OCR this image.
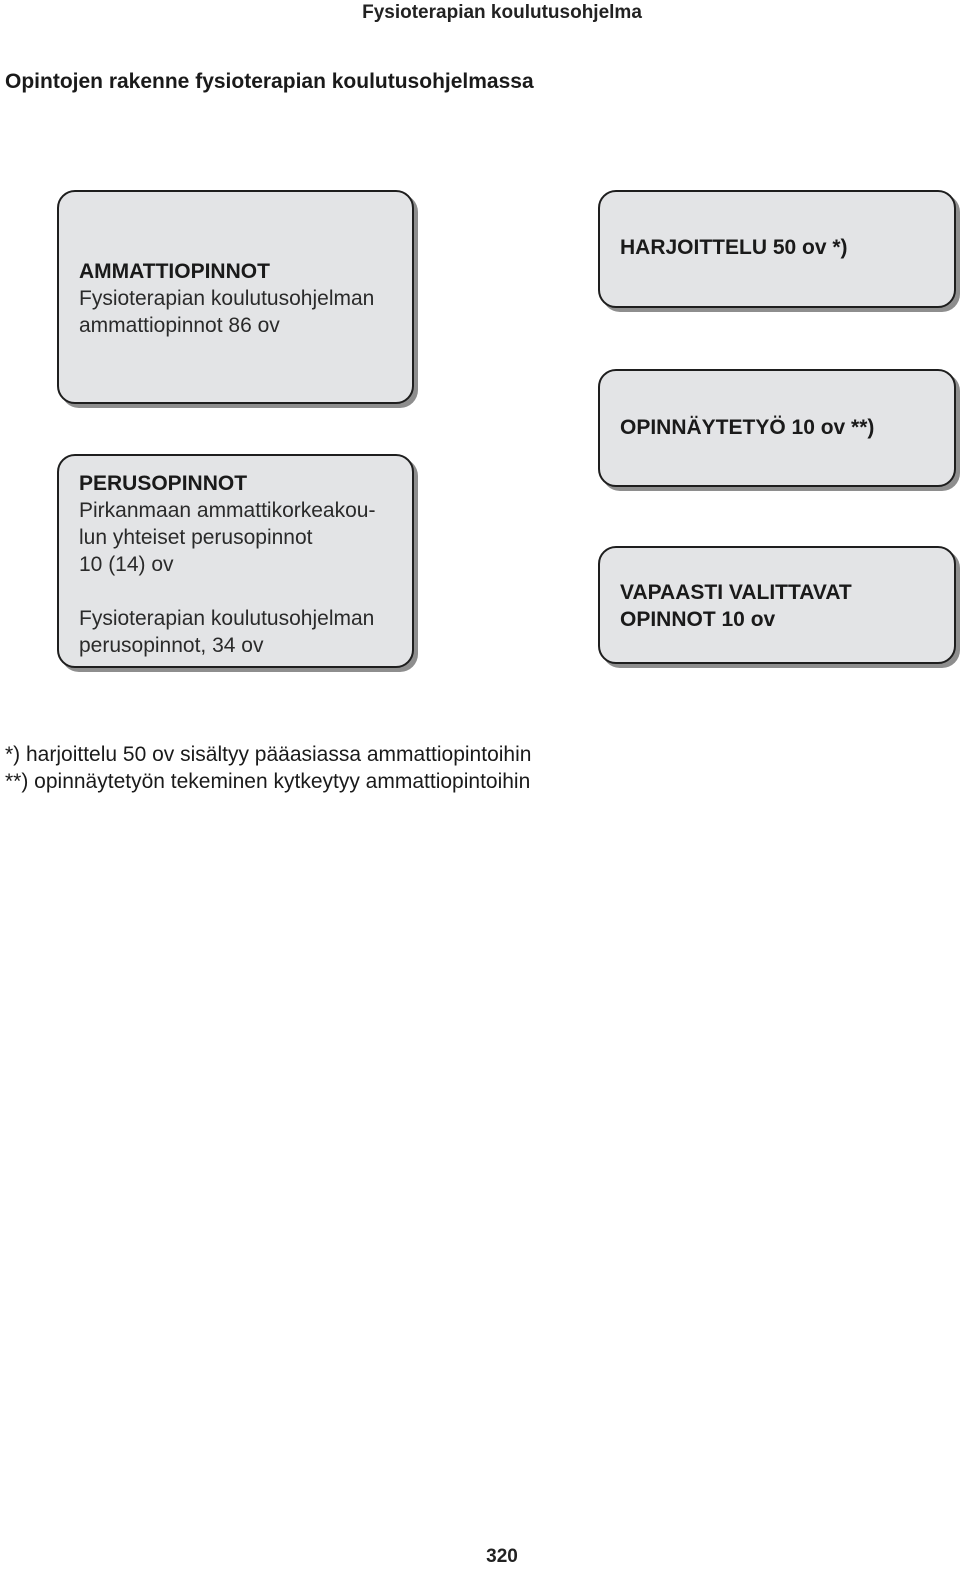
Fysioterapian koulutusohjelma
Opintojen rakenne fysioterapian koulutusohjelmassa
AMMATTIOPINNOT
Fysioterapian koulutusohjelman
ammattiopinnot 86 ov
PERUSOPINNOT
Pirkanmaan ammattikorkeakou-
lun yhteiset perusopinnot
10 (14) ov
Fysioterapian koulutusohjelman
perusopinnot, 34 ov
HARJOITTELU 50 ov *)
OPINNÄYTETYÖ 10 ov **)
VAPAASTI VALITTAVAT
OPINNOT 10 ov
*) harjoittelu 50 ov sisältyy pääasiassa ammattiopintoihin
**) opinnäytetyön tekeminen kytkeytyy ammattiopintoihin
320
